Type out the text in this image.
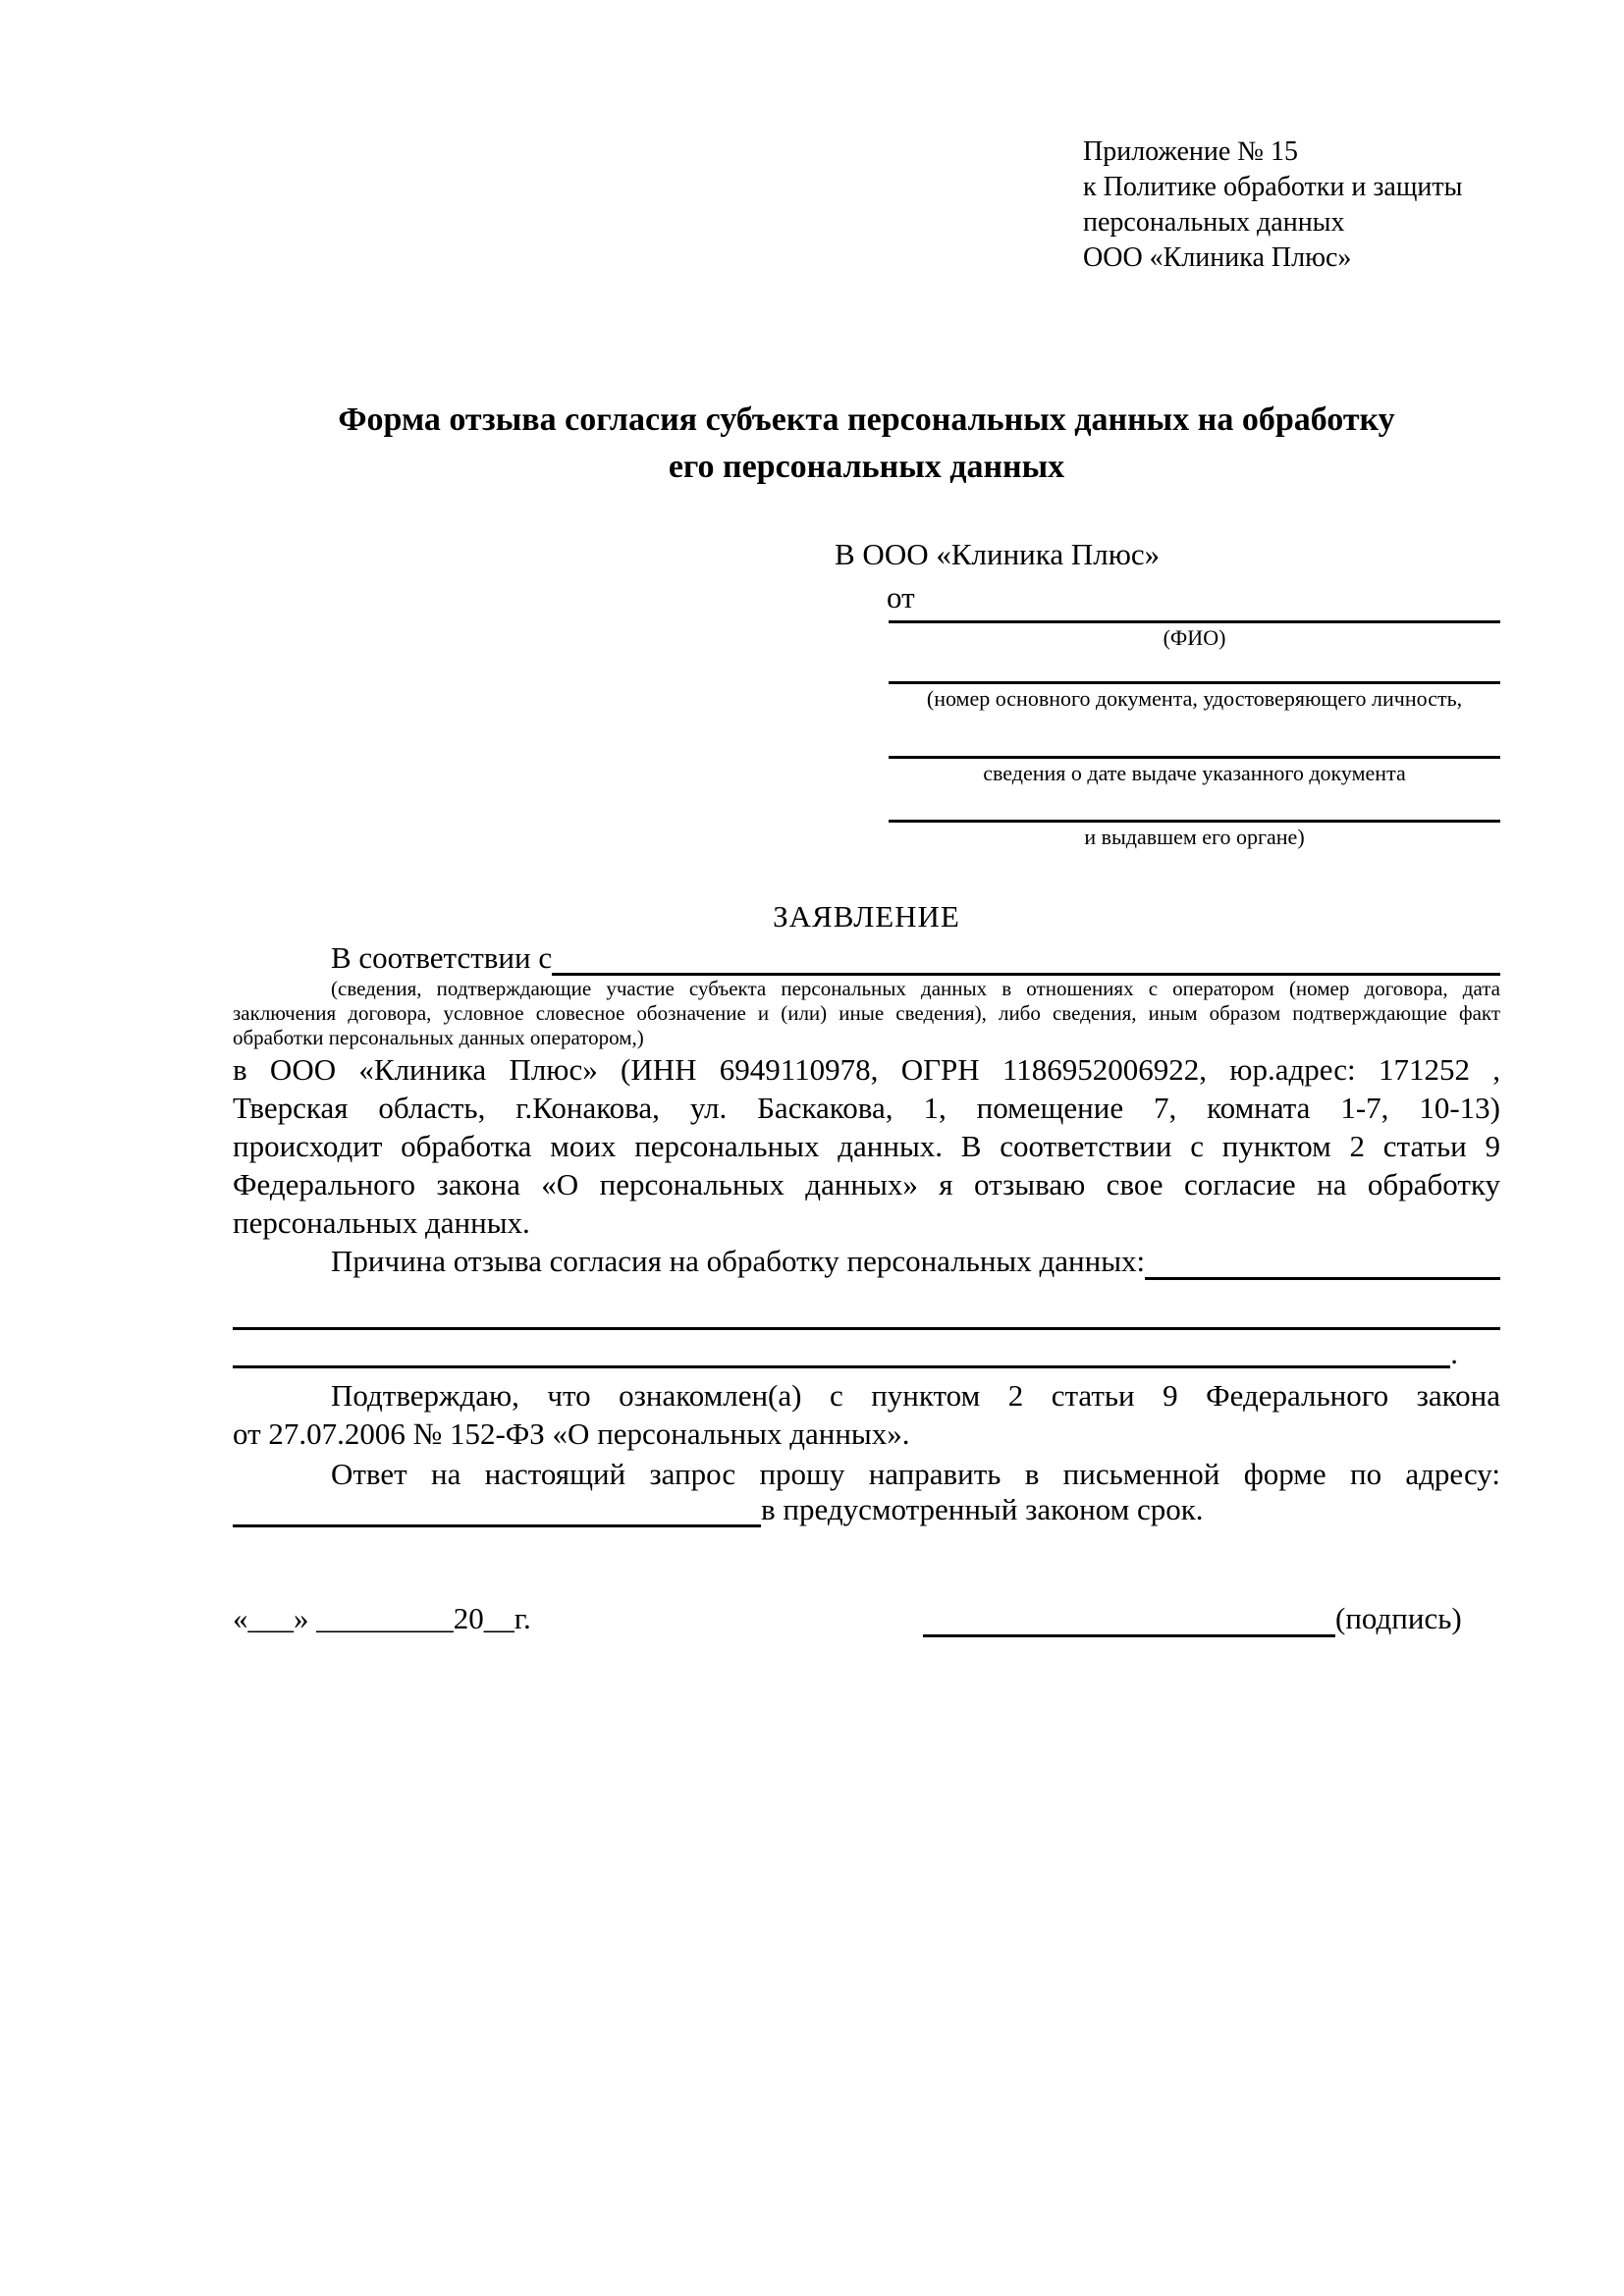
Приложение № 15
к Политике обработки и защиты
персональных данных
ООО «Клиника Плюс»
Форма отзыва согласия субъекта персональных данных на обработку
его персональных данных
В ООО «Клиника Плюс»
от
(ФИО)
(номер основного документа, удостоверяющего личность,
сведения о дате выдаче указанного документа
и выдавшем его органе)
ЗАЯВЛЕНИЕ
В соответствии с
(сведения, подтверждающие участие субъекта персональных данных в отношениях с оператором (номер договора, дата
заключения договора, условное словесное обозначение и (или) иные сведения), либо сведения, иным образом подтверждающие факт
обработки персональных данных оператором,)
в ООО «Клиника Плюс» (ИНН 6949110978, ОГРН 1186952006922, юр.адрес: 171252 ,
Тверская область, г.Конакова, ул. Баскакова, 1, помещение 7, комната 1-7, 10-13)
происходит обработка моих персональных данных. В соответствии с пунктом 2 статьи 9
Федерального закона «О персональных данных» я отзываю свое согласие на обработку
персональных данных.
Причина отзыва согласия на обработку персональных данных:
.
Подтверждаю, что ознакомлен(а) с пунктом 2 статьи 9 Федерального закона
от 27.07.2006 № 152-ФЗ «О персональных данных».
Ответ на настоящий запрос прошу направить в письменной форме по адресу:
в предусмотренный законом срок.
«___» _________20__г.	(подпись)
